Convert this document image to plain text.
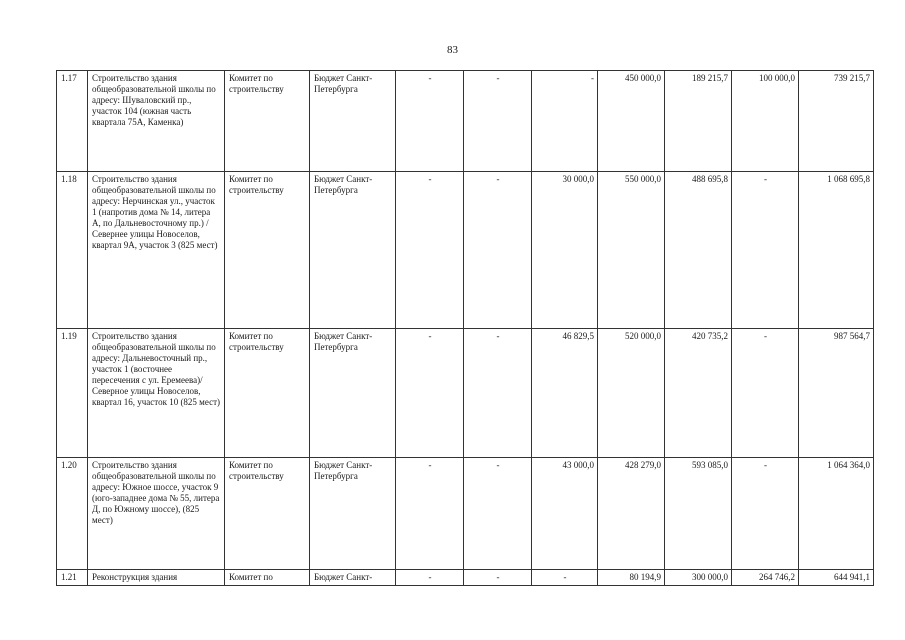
83
1.17	Строительство здания общеобразовательной школы по адресу: Шуваловский пр., участок 104 (южная часть квартала 75А, Каменка)	Комитет по строительству	Бюджет Санкт-Петербурга	-	-	-	450 000,0	189 215,7	100 000,0	739 215,7
1.18	Строительство здания общеобразовательной школы по адресу: Нерчинская ул., участок 1 (напротив дома № 14, литера А, по Дальневосточному пр.) / Севернее улицы Новоселов, квартал 9А, участок 3 (825 мест)	Комитет по строительству	Бюджет Санкт-Петербурга	-	-	30 000,0	550 000,0	488 695,8	-	1 068 695,8
1.19	Строительство здания общеобразовательной школы по адресу: Дальневосточный пр., участок 1 (восточнее пересечения с ул. Еремеева)/Северное улицы Новоселов, квартал 16, участок 10 (825 мест)	Комитет по строительству	Бюджет Санкт-Петербурга	-	-	46 829,5	520 000,0	420 735,2	-	987 564,7
1.20	Строительство здания общеобразовательной школы по адресу: Южное шоссе, участок 9 (юго-западнее дома № 55, литера Д, по Южному шоссе), (825 мест)	Комитет по строительству	Бюджет Санкт-Петербурга	-	-	43 000,0	428 279,0	593 085,0	-	1 064 364,0
1.21	Реконструкция здания	Комитет по	Бюджет Санкт-	-	-	-	80 194,9	300 000,0	264 746,2	644 941,1
